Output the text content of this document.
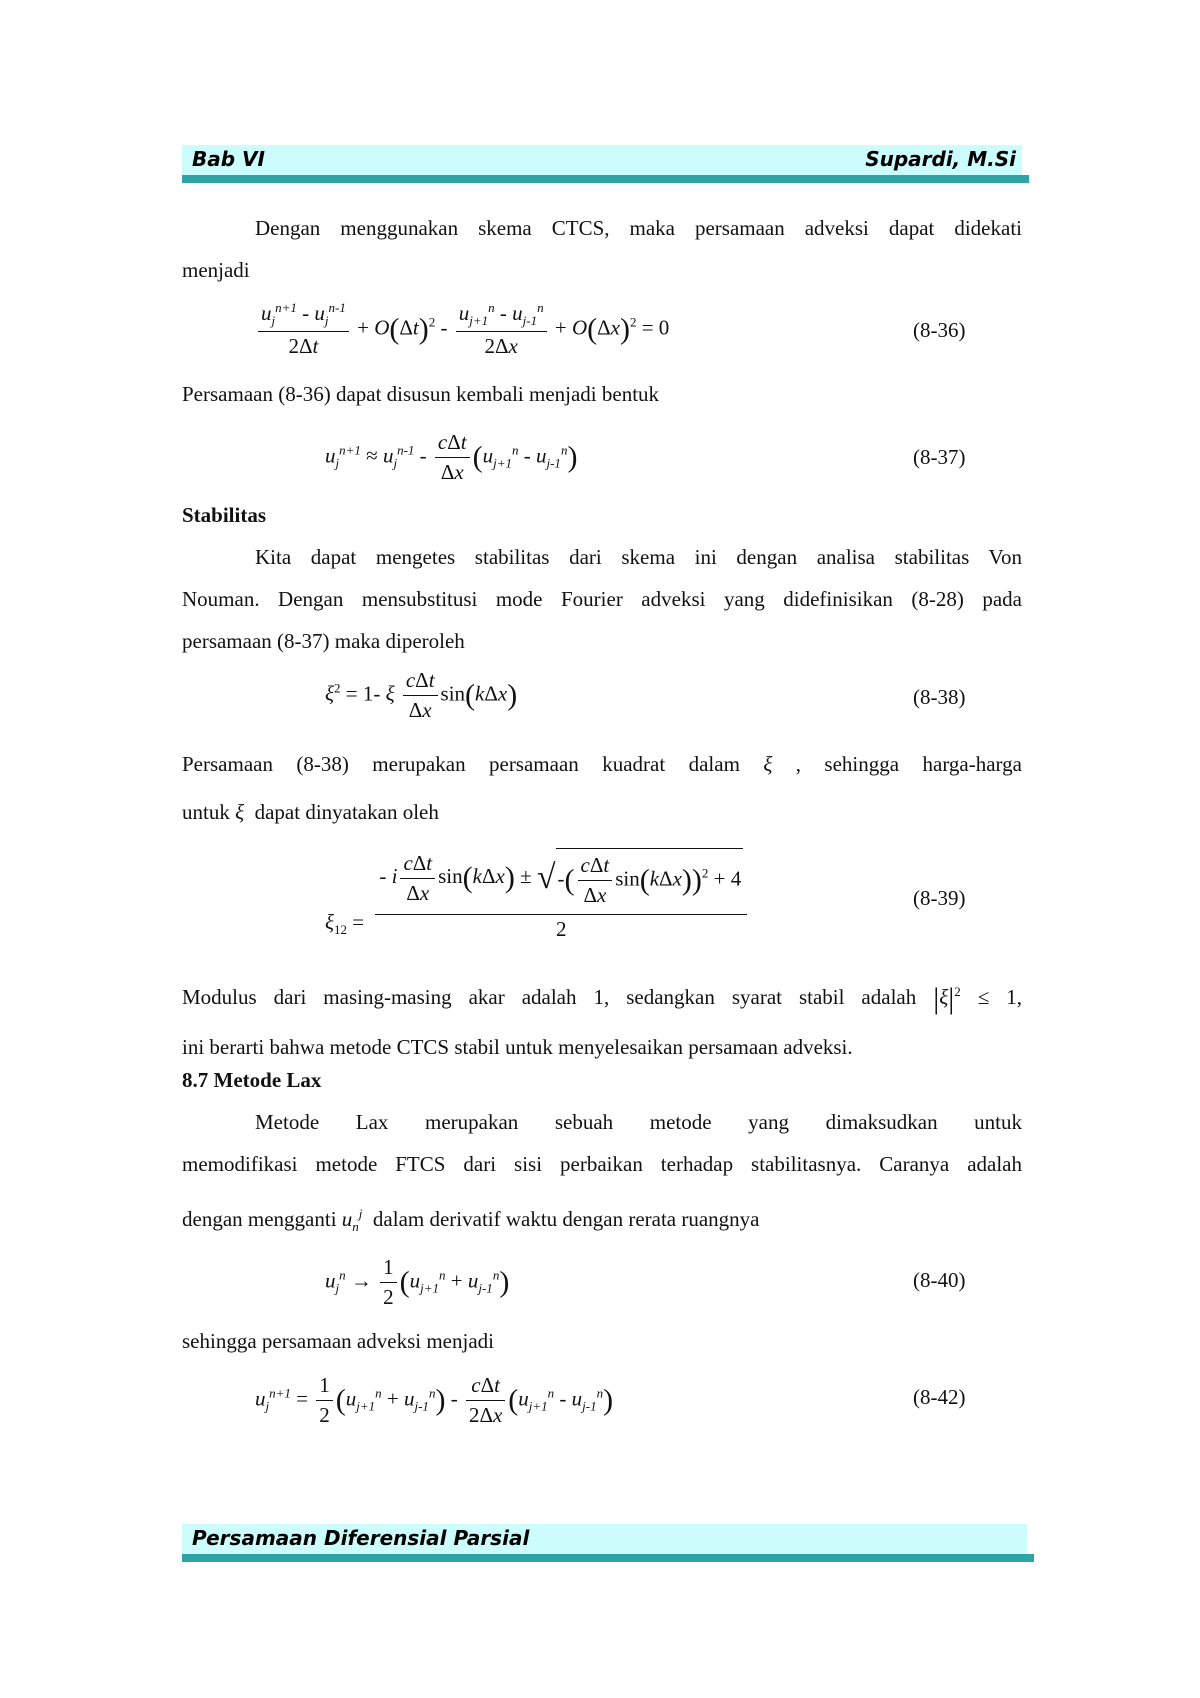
Bab VI	Supardi, M.Si
Dengan menggunakan skema CTCS, maka persamaan adveksi dapat didekati
menjadi
$\frac{u_j^{n+1} - u_j^{n-1}}{2\Delta t} + O(\Delta t)^2 - \frac{u_{j+1}^n - u_{j-1}^n}{2\Delta x} + O(\Delta x)^2 = 0$	(8-36)
Persamaan (8-36) dapat disusun kembali menjadi bentuk
$u_j^{n+1} \approx u_j^{n-1} - \frac{\text{cΔt}}{\Delta x} (u_{j+1}^n - u_{j-1}^n)$	(8-37)
Stabilitas
Kita dapat mengetes stabilitas dari skema ini dengan analisa stabilitas Von
Nouman. Dengan mensubstitusi mode Fourier adveksi yang didefinisikan (8-28) pada
persamaan (8-37) maka diperoleh
$\xi^2 = 1-$ ξ $\frac{\text{cΔt}}{\Delta x} \sin(k\Delta x)$	(8-38)
Persamaan (8-38) merupakan persamaan kuadrat dalam ξ , sehingga harga-harga
untuk ξ dapat dinyatakan oleh
$\xi_{12} = \frac{- i \frac{\text{cΔt}}{\Delta x} \sin(k\Delta x) \pm √-( \frac{\text{cΔt}}{\Delta x} \sin(k\Delta x))^2 + 4}{2}$	(8-39)
Modulus dari masing-masing akar adalah 1, sedangkan syarat stabil adalah $|\xi|^2 \le 1$,
ini berarti bahwa metode CTCS stabil untuk menyelesaikan persamaan adveksi.
8.7 Metode Lax
Metode Lax merupakan sebuah metode yang dimaksudkan untuk
memodifikasi metode FTCS dari sisi perbaikan terhadap stabilitasnya. Caranya adalah
dengan mengganti $u_n^j$ dalam derivatif waktu dengan rerata ruangnya
$u_j^n \to \frac{1}{2} (u_{j+1}^n + u_{j-1}^n)$	(8-40)
sehingga persamaan adveksi menjadi
$u_j^{n+1} = \frac{1}{2} (u_{j+1}^n + u_{j-1}^n) - \frac{\text{cΔt}}{2\Delta x} (u_{j+1}^n - u_{j-1}^n)$	(8-42)
Persamaan Diferensial Parsial
